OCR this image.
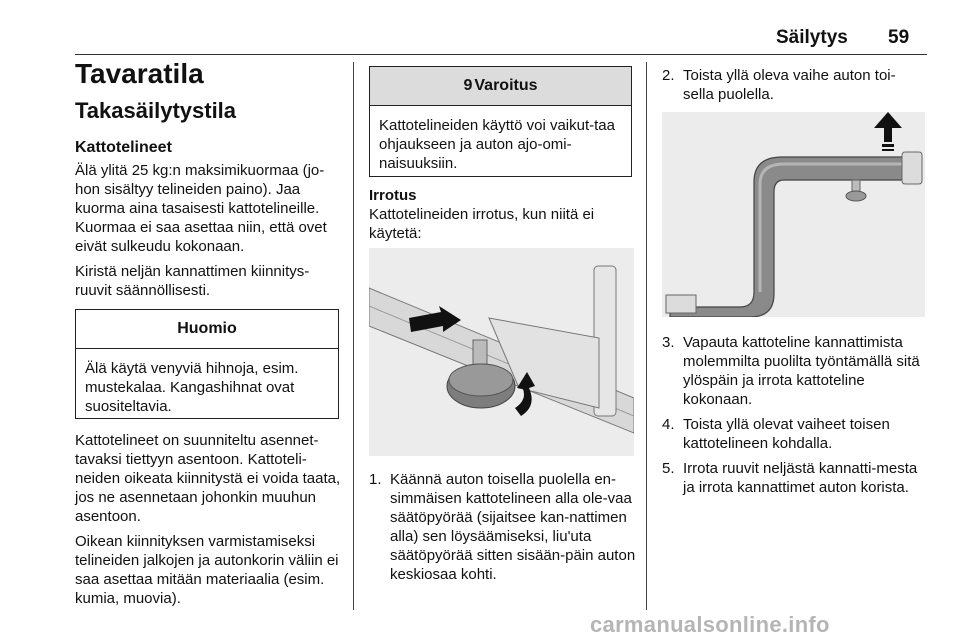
Säilytys 59
Tavaratila
Takasäilytystila
Kattotelineet

Älä ylitä 25 kg:n maksimikuormaa (jo-hon sisältyy telineiden paino). Jaa kuorma aina tasaisesti kattotelineille. Kuormaa ei saa asettaa niin, että ovet eivät sulkeudu kokonaan.

Kiristä neljän kannattimen kiinnitys-ruuvit säännöllisesti.

Huomio
Älä käytä venyviä hihnoja, esim. mustekalaa. Kangashihnat ovat suositeltavia.

Kattotelineet on suunniteltu asennet-tavaksi tiettyyn asentoon. Kattoteli-neiden oikeata kiinnitystä ei voida taata, jos ne asennetaan johonkin muuhun asentoon.

Oikean kiinnityksen varmistamiseksi telineiden jalkojen ja autonkorin väliin ei saa asettaa mitään materiaalia (esim. kumia, muovia).

9 Varoitus
Kattotelineiden käyttö voi vaikut-taa ohjaukseen ja auton ajo-omi-naisuuksiin.
Irrotus

Kattotelineiden irrotus, kun niitä ei käytetä:

1. Käännä auton toisella puolella en-simmäisen kattotelineen alla ole-vaa säätöpyörää (sijaitsee kan-nattimen alla) sen löysäämiseksi, liu'uta säätöpyörää sitten sisään-päin auton keskiosaa kohti.
2. Toista yllä oleva vaihe auton toi-sella puolella.
3. Vapauta kattoteline kannattimista molemmilta puolilta työntämällä sitä ylöspäin ja irrota kattoteline kokonaan.
4. Toista yllä olevat vaiheet toisen kattotelineen kohdalla.
5. Irrota ruuvit neljästä kannatti-mesta ja irrota kannattimet auton korista.
carmanualsonline.info
